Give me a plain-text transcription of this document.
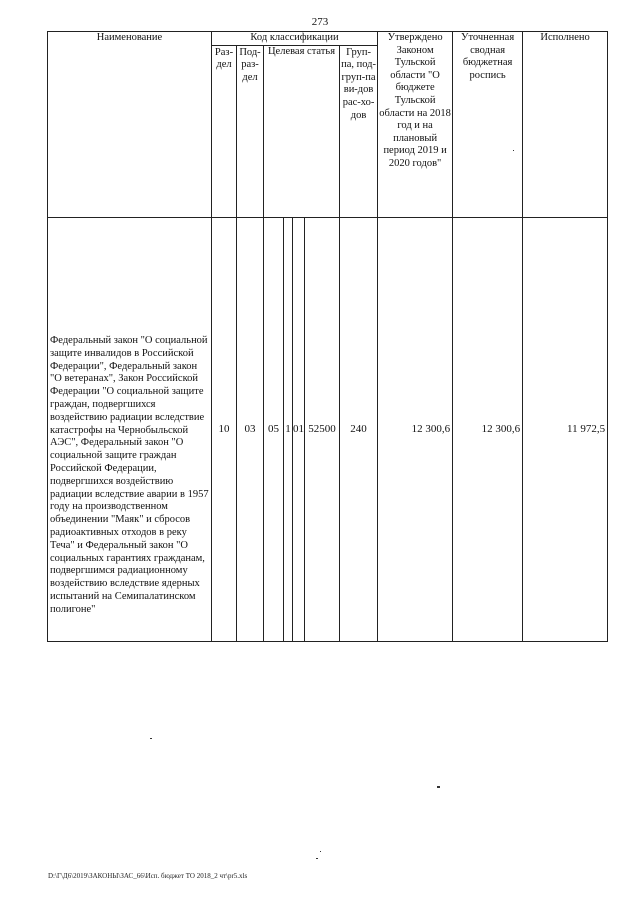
273
Наименование	Код классификации							Утверждено Законом Тульской области "О бюджете Тульской области на 2018 год и на плановый период 2019 и 2020 годов"	Уточненная сводная бюджетная роспись	Исполнено

	Раз-дел	Под-раз-дел	Целевая статья				Груп-па, под-груп-па ви-дов рас-хо-дов			

Федеральный закон "О социальной защите инвалидов в Российской Федерации", Федеральный закон "О ветеранах", Закон Российской Федерации "О социальной защите граждан, подвергшихся воздействию радиации вследствие катастрофы на Чернобыльской АЭС", Федеральный закон "О социальной защите граждан Российской Федерации, подвергшихся воздействию радиации вследствие аварии в 1957 году на производственном объединении "Маяк" и сбросов радиоактивных отходов в реку Теча" и Федеральный закон "О социальных гарантиях гражданам, подвергшимся радиационному воздействию вследствие ядерных испытаний на Семипалатинском полигоне"	10	03	05	1	01	52500	240	12 300,6	12 300,6	11 972,5
D:\Г\Д6\2019\ЗАКОНЫ\ЗАС_66\Исп. бюджет ТО 2018_2 чт\pr5.xls
